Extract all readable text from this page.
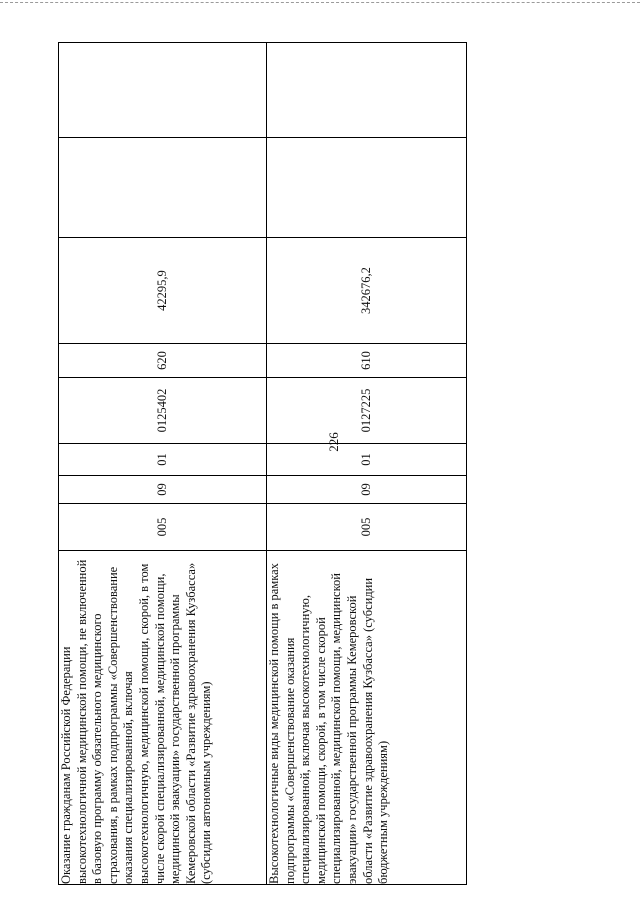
226
Оказание гражданам Российской Федерации высокотехнологичной медицинской помощи, не включенной в базовую программу обязательного медицинского страхования, в рамках подпрограммы «Совершенствование оказания специализированной, включая высокотехнологичную, медицинской помощи, скорой, в том числе скорой специализированной, медицинской помощи, медицинской эвакуации» государственной программы Кемеровской области «Развитие здравоохранения Кузбасса» (субсидии автономным учреждениям)	005	09	01	0125402	620	42295,9		
Высокотехнологичные виды медицинской помощи в рамках подпрограммы «Совершенствование оказания специализированной, включая высокотехнологичную, медицинской помощи, скорой, в том числе скорой специализированной, медицинской помощи, медицинской эвакуации» государственной программы Кемеровской области «Развитие здравоохранения Кузбасса» (субсидии бюджетным учреждениям)	005	09	01	0127225	610	342676,2		
